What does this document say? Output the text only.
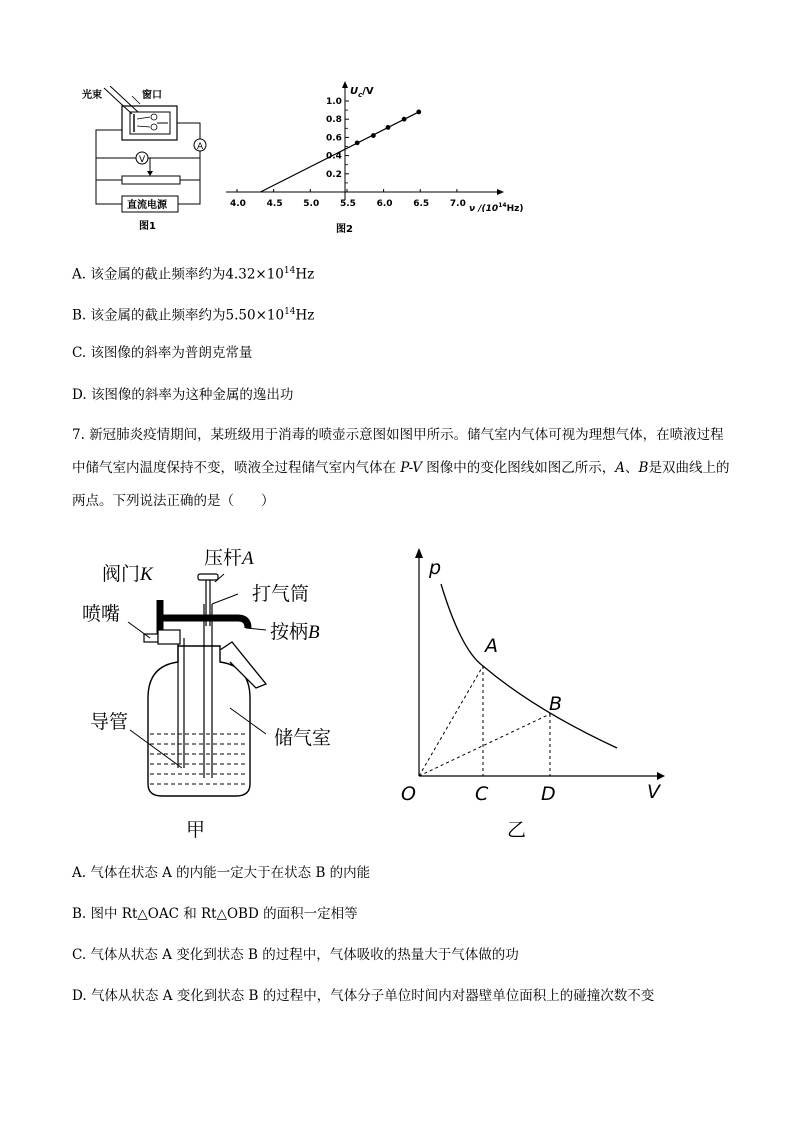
A
V
直流电源
光束	窗口
图1
4.0 4.5 5.0 5.5 6.0 6.5 7.0
0.2
0.4
0.6
0.8
1.0
$U_c/V$
ν $/(10^{14}Hz)$
图2
A. 该金属的截止频率约为$4.32\times 10^{14}Hz$
B. 该金属的截止频率约为$5.50\times 10^{14}Hz$
C. 该图像的斜率为普朗克常量
D. 该图像的斜率为这种金属的逸出功
7. 新冠肺炎疫情期间，某班级用于消毒的喷壶示意图如图甲所示。储气室内气体可视为理想气体，在喷液过程中储气室内温度保持不变，喷液全过程储气室内气体在 P-V 图像中的变化图线如图乙所示，A、B是双曲线上的两点。下列说法正确的是（　　）
阀门K
压杆A
打气筒
喷嘴
按柄B
导管
储气室
甲
p
V
O
A
B
C	D
乙
A. 气体在状态 A 的内能一定大于在状态 B 的内能
B. 图中 Rt△OAC 和 Rt△OBD 的面积一定相等
C. 气体从状态 A 变化到状态 B 的过程中，气体吸收的热量大于气体做的功
D. 气体从状态 A 变化到状态 B 的过程中，气体分子单位时间内对器壁单位面积上的碰撞次数不变
